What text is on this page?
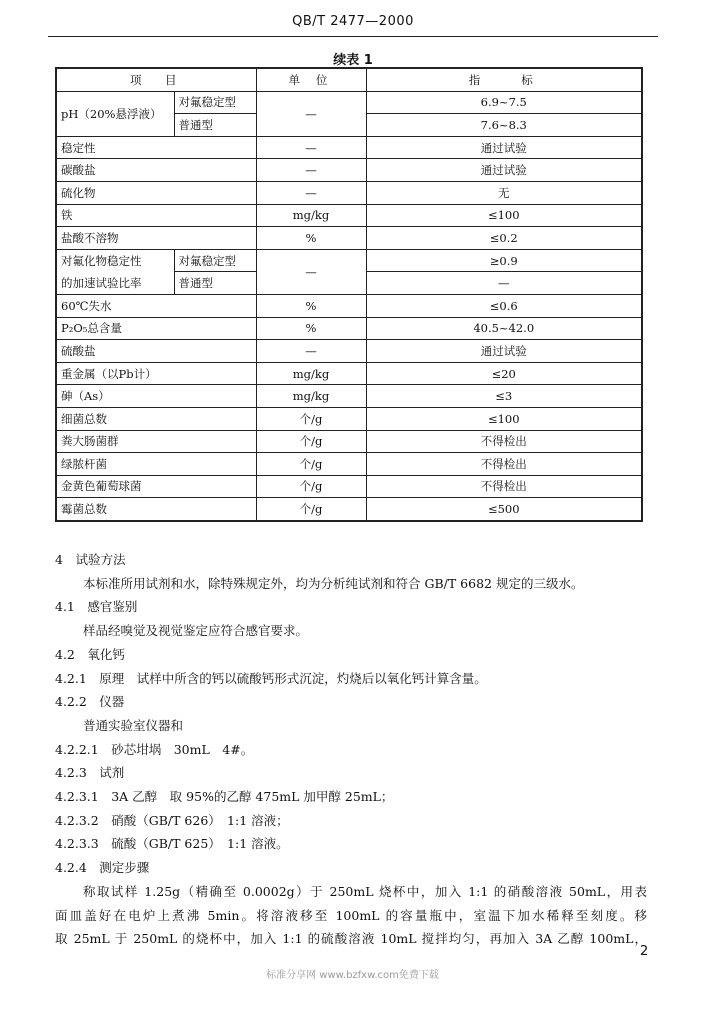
QB/T 2477—2000
续表 1
项　目		单 位	指　　标
pH（20%悬浮液）	对氟稳定型	—	6.9~7.5
	普通型		7.6~8.3
稳定性		—	通过试验
碳酸盐		—	通过试验
硫化物		—	无
铁		mg/kg	≤100
盐酸不溶物		%	≤0.2
对氟化物稳定性	对氟稳定型	—	≥0.9
的加速试验比率	普通型		—
60℃失水		%	≤0.6
P₂O₅总含量		%	40.5~42.0
硫酸盐		—	通过试验
重金属（以Pb计）		mg/kg	≤20
砷（As）		mg/kg	≤3
细菌总数		个/g	≤100
粪大肠菌群		个/g	不得检出
绿脓杆菌		个/g	不得检出
金黄色葡萄球菌		个/g	不得检出
霉菌总数		个/g	≤500
4　试验方法
本标准所用试剂和水，除特殊规定外，均为分析纯试剂和符合 GB/T 6682 规定的三级水。
4.1　感官鉴别
样品经嗅觉及视觉鉴定应符合感官要求。
4.2　氧化钙
4.2.1　原理　试样中所含的钙以硫酸钙形式沉淀，灼烧后以氧化钙计算含量。
4.2.2　仪器
普通实验室仪器和
4.2.2.1　砂芯坩埚　30mL　4#。
4.2.3　试剂
4.2.3.1　3A 乙醇　取 95%的乙醇 475mL 加甲醇 25mL；
4.2.3.2　硝酸（GB/T 626）　1:1 溶液；
4.2.3.3　硫酸（GB/T 625）　1:1 溶液。
4.2.4　测定步骤
称取试样 1.25g（精确至 0.0002g）于 250mL 烧杯中，加入 1:1 的硝酸溶液 50mL，用表
面皿盖好在电炉上煮沸 5min。将溶液移至 100mL 的容量瓶中，室温下加水稀释至刻度。移
取 25mL 于 250mL 的烧杯中，加入 1:1 的硫酸溶液 10mL 搅拌均匀，再加入 3A 乙醇 100mL，
2
标准分享网 www.bzfxw.com免费下载
